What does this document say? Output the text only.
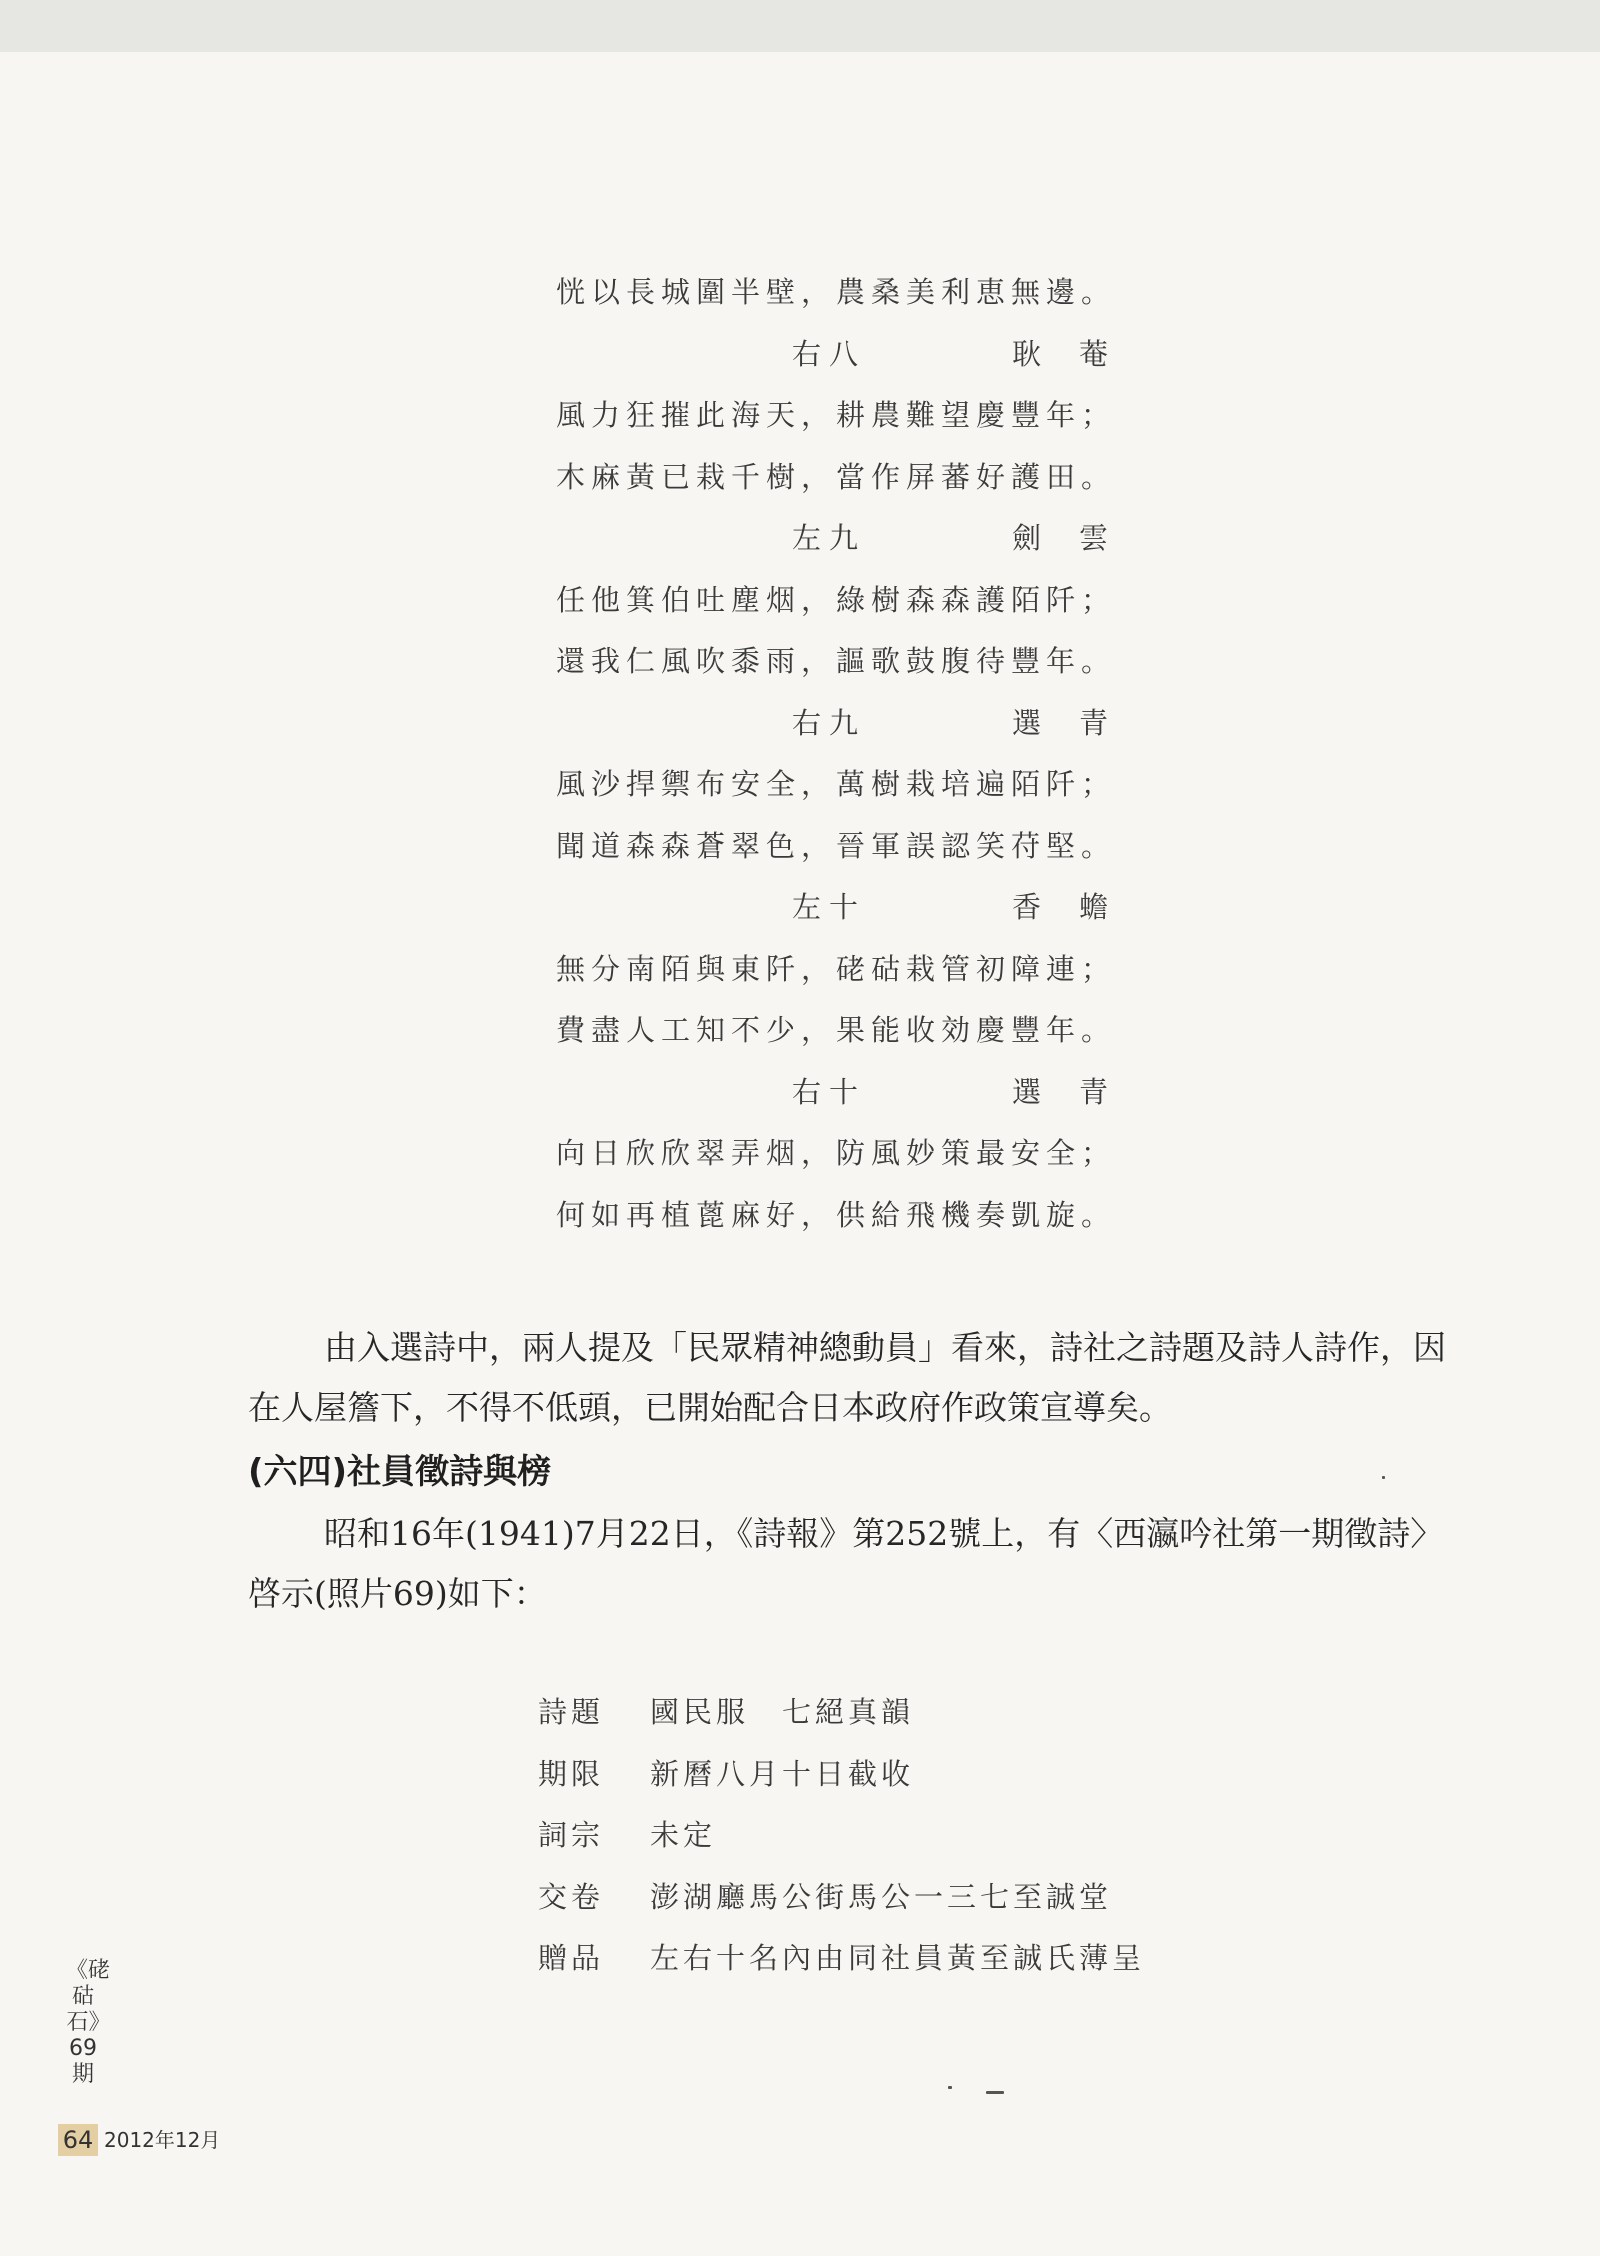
恍以長城圍半壁，農桑美利恵無邊。
右八	耿菴
風力狂摧此海天，耕農難望慶豐年；
木麻黃已栽千樹，當作屏蕃好護田。
左九	劍雲
任他箕伯吐塵烟，綠樹森森護陌阡；
還我仁風吹黍雨，謳歌鼓腹待豐年。
右九	選青
風沙捍禦布安全，萬樹栽培遍陌阡；
聞道森森蒼翠色，晉軍誤認笑苻堅。
左十	香蟾
無分南陌與東阡，硓𥑮栽管初障連；
費盡人工知不少，果能收効慶豐年。
右十	選青
向日欣欣翠弄烟，防風妙策最安全；
何如再植蓖麻好，供給飛機奏凱旋。
由入選詩中，兩人提及「民眾精神總動員」看來，詩社之詩題及詩人詩作，因在人屋簷下，不得不低頭，已開始配合日本政府作政策宣導矣。
(六四)社員徵詩與榜
昭和16年(1941)7月22日，《詩報》第252號上，有〈西瀛吟社第一期徵詩〉啓示(照片69)如下：
詩題	國民服　七絕真韻
期限	新曆八月十日截收
詞宗	未定
交卷	澎湖廳馬公街馬公一三七至誠堂
贈品	左右十名內由同社員黃至誠氏薄呈
《硓𥑮石》69期
64 2012年12月
